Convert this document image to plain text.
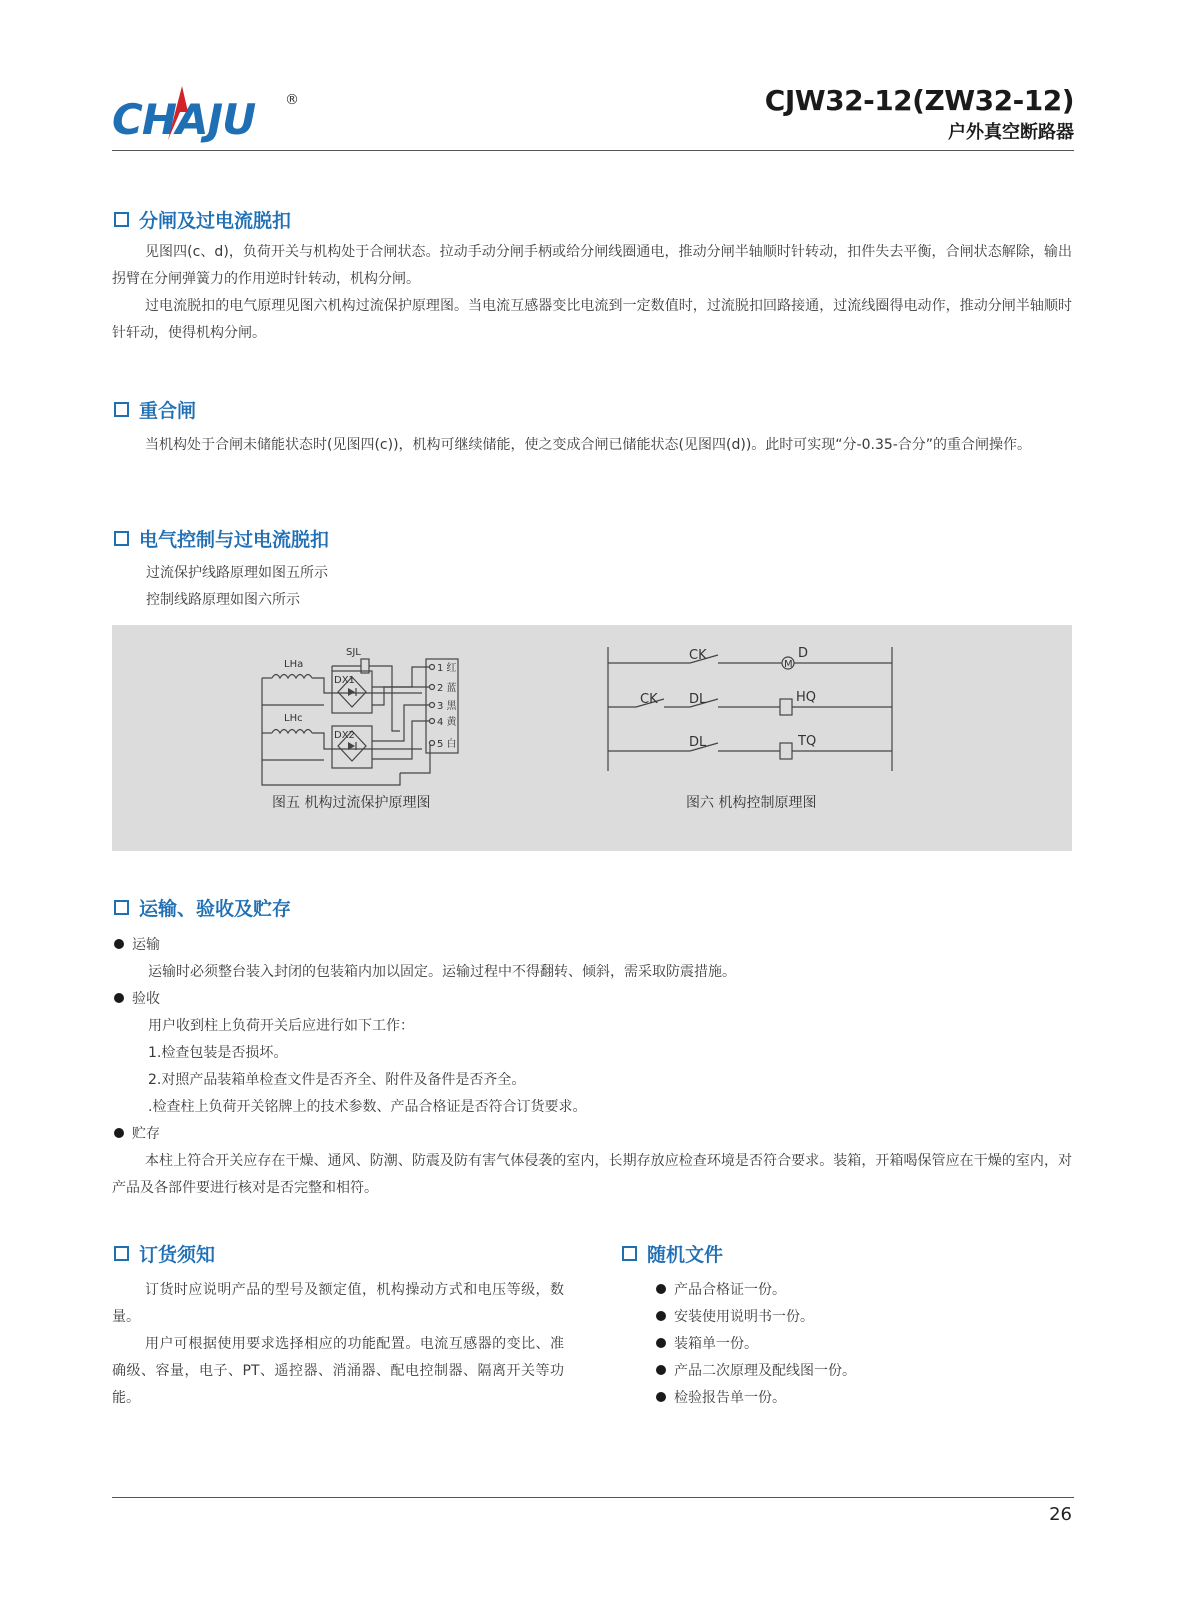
CHAJU ®	CJW32-12(ZW32-12)
户外真空断路器
分闸及过电流脱扣
见图四(c、d)，负荷开关与机构处于合闸状态。拉动手动分闸手柄或给分闸线圈通电，推动分闸半轴顺时针转动，扣件失去平衡，合闸状态解除，输出拐臂在分闸弹簧力的作用逆时针转动，机构分闸。
过电流脱扣的电气原理见图六机构过流保护原理图。当电流互感器变比电流到一定数值时，过流脱扣回路接通，过流线圈得电动作，推动分闸半轴顺时针轩动，使得机构分闸。
重合闸
当机构处于合闸未储能状态时(见图四(c))，机构可继续储能，使之变成合闸已储能状态(见图四(d))。此时可实现“分-0.35-合分”的重合闸操作。
电气控制与过电流脱扣
过流保护线路原理如图五所示
控制线路原理如图六所示
SJL
LHa
LHc
DX1
DX2
1 红
2 蓝
3 黑
4 黄
5 白
图五 机构过流保护原理图
CK	D
M
CK DL	HQ
DL	TQ
图六 机构控制原理图
运输、验收及贮存
运输
运输时必须整台装入封闭的包装箱内加以固定。运输过程中不得翻转、倾斜，需采取防震措施。
验收
用户收到柱上负荷开关后应进行如下工作：
1.检查包装是否损坏。
2.对照产品装箱单检查文件是否齐全、附件及备件是否齐全。
.检查柱上负荷开关铭牌上的技术参数、产品合格证是否符合订货要求。
贮存
本柱上符合开关应存在干燥、通风、防潮、防震及防有害气体侵袭的室内，长期存放应检查环境是否符合要求。装箱，开箱喝保管应在干燥的室内，对产品及各部件要进行核对是否完整和相符。
订货须知
订货时应说明产品的型号及额定值，机构操动方式和电压等级，数量。
用户可根据使用要求选择相应的功能配置。电流互感器的变比、准确级、容量，电子、PT、遥控器、消涌器、配电控制器、隔离开关等功能。
随机文件
产品合格证一份。
安装使用说明书一份。
装箱单一份。
产品二次原理及配线图一份。
检验报告单一份。
26
